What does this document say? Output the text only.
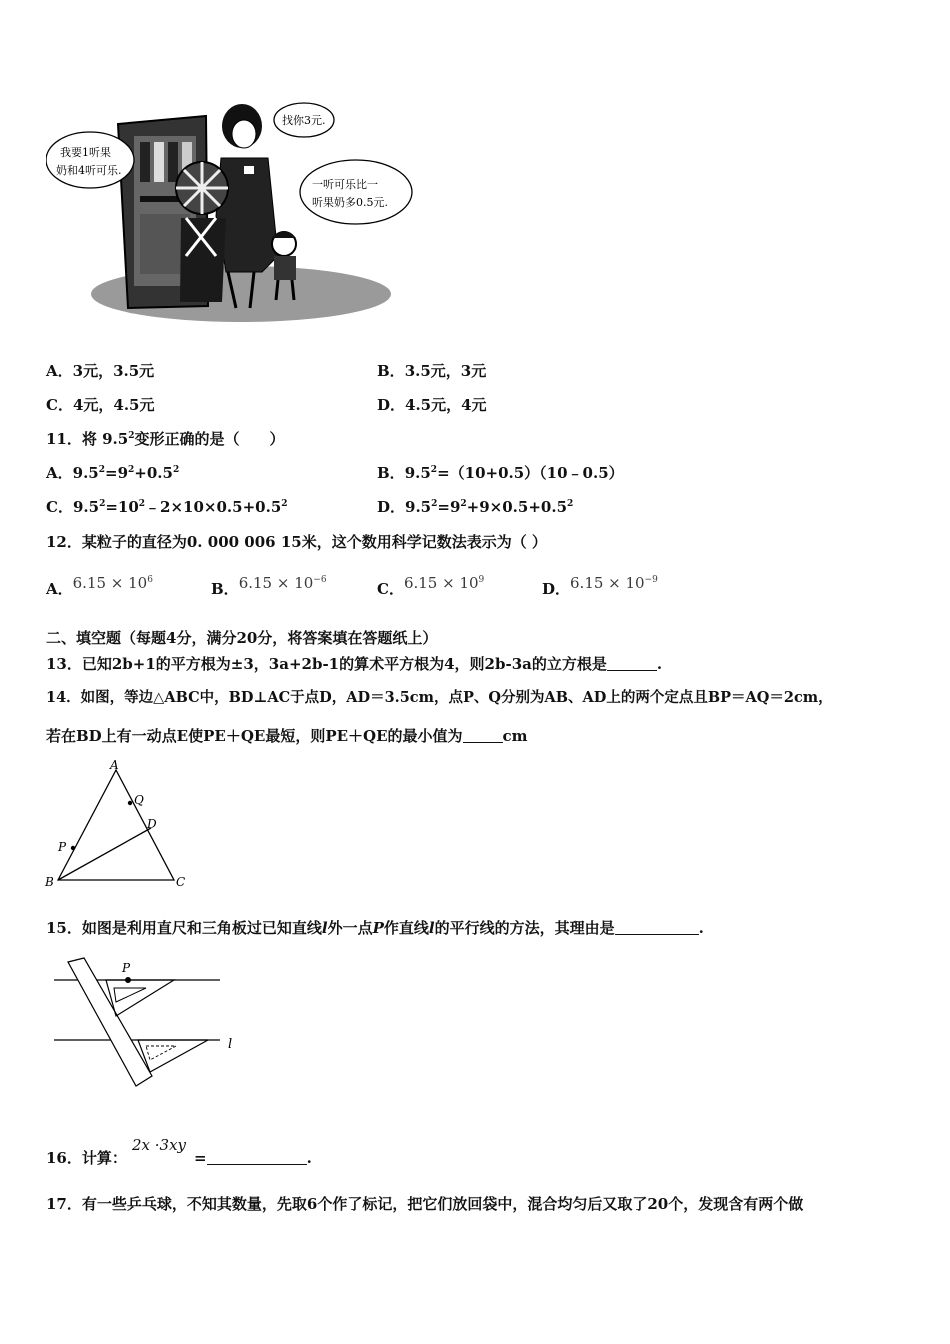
我要1听果
奶和4听可乐.
找你3元.
一听可乐比一
听果奶多0.5元.
A．3元，3.5元	B．3.5元，3元
C．4元，4.5元	D．4.5元，4元
11．将 $9.5^2$变形正确的是（　　）
A．$9.5^2=9^2+0.5^2$	B．$9.5^2=(10+0.5)(10﹣0.5)$
C．$9.5^2=10^2﹣2\times 10\times 0.5+0.5^2$	D．$9.5^2=9^2+9\times 0.5+0.5^2$
12．某粒子的直径为0. 000 006 15米，这个数用科学记数法表示为（ ）
A．$6.15 \times 10^6$	B．$6.15 \times 10^{-6}$	C．$6.15 \times 10^9$	D．$6.15 \times 10^{-9}$
二、填空题（每题4分，满分20分，将答案填在答题纸上）
13．已知2b+1的平方根为±3，3a+2b-1的算术平方根为4，则2b-3a的立方根是	.
14．如图，等边△ABC中，BD⊥AC于点D，AD＝3.5cm，点P、Q分别为AB、AD上的两个定点且BP＝AQ＝2cm，
若在BD上有一动点E使PE＋QE最短，则PE＋QE的最小值为	cm
A
B	C
D
P
Q
15．如图是利用直尺和三角板过已知直线l外一点P作直线l的平行线的方法，其理由是	.
P
l
16．计算：
2x ·3xy
=	.
17．有一些乒乓球，不知其数量，先取6个作了标记，把它们放回袋中，混合均匀后又取了20个，发现含有两个做
